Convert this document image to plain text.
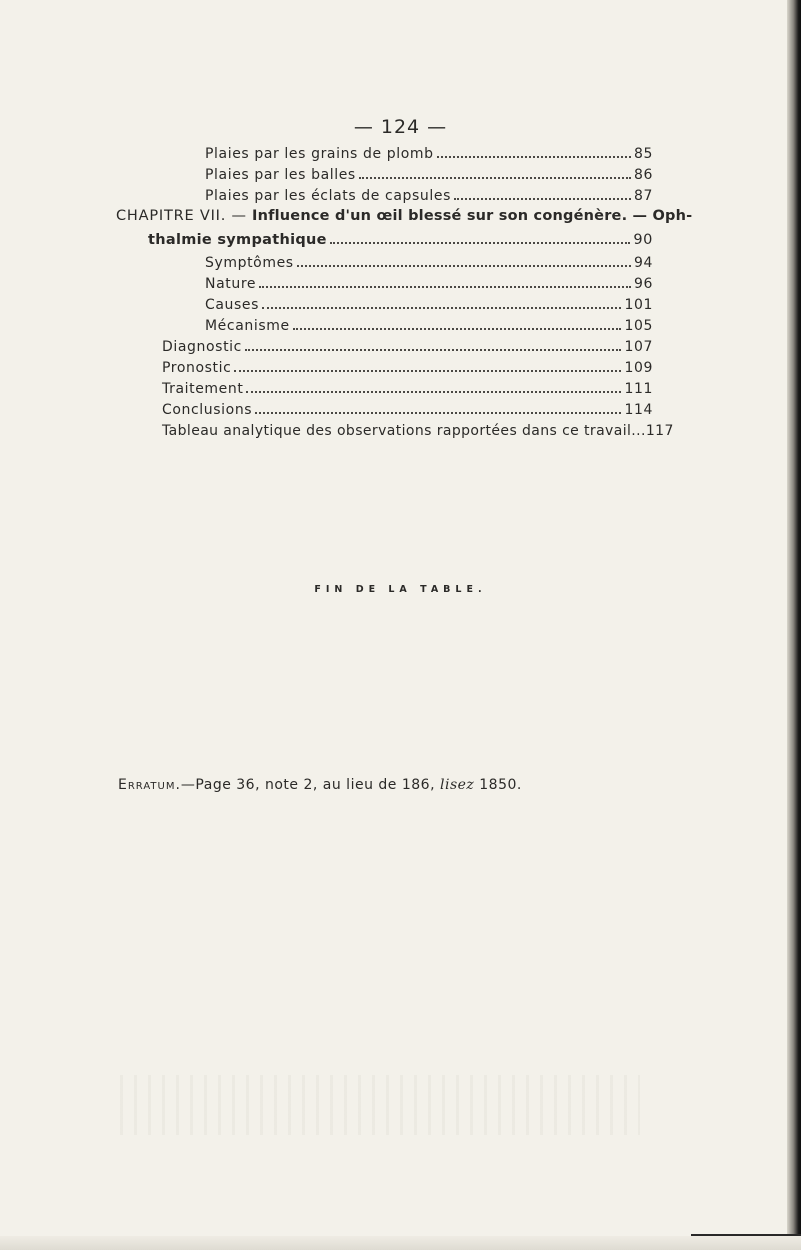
— 124 —
Plaies par les grains de plomb	85
Plaies par les balles	86
Plaies par les éclats de capsules	87
CHAPITRE VII. — Influence d'un œil blessé sur son congénère. — Oph-
thalmie sympathique	90
Symptômes	94
Nature	96
Causes	101
Mécanisme	105
Diagnostic	107
Pronostic	109
Traitement	111
Conclusions	114
Tableau analytique des observations rapportées dans ce travail... 117
FIN DE LA TABLE.
Erratum.—Page 36, note 2, au lieu de 186, lisez 1850.
